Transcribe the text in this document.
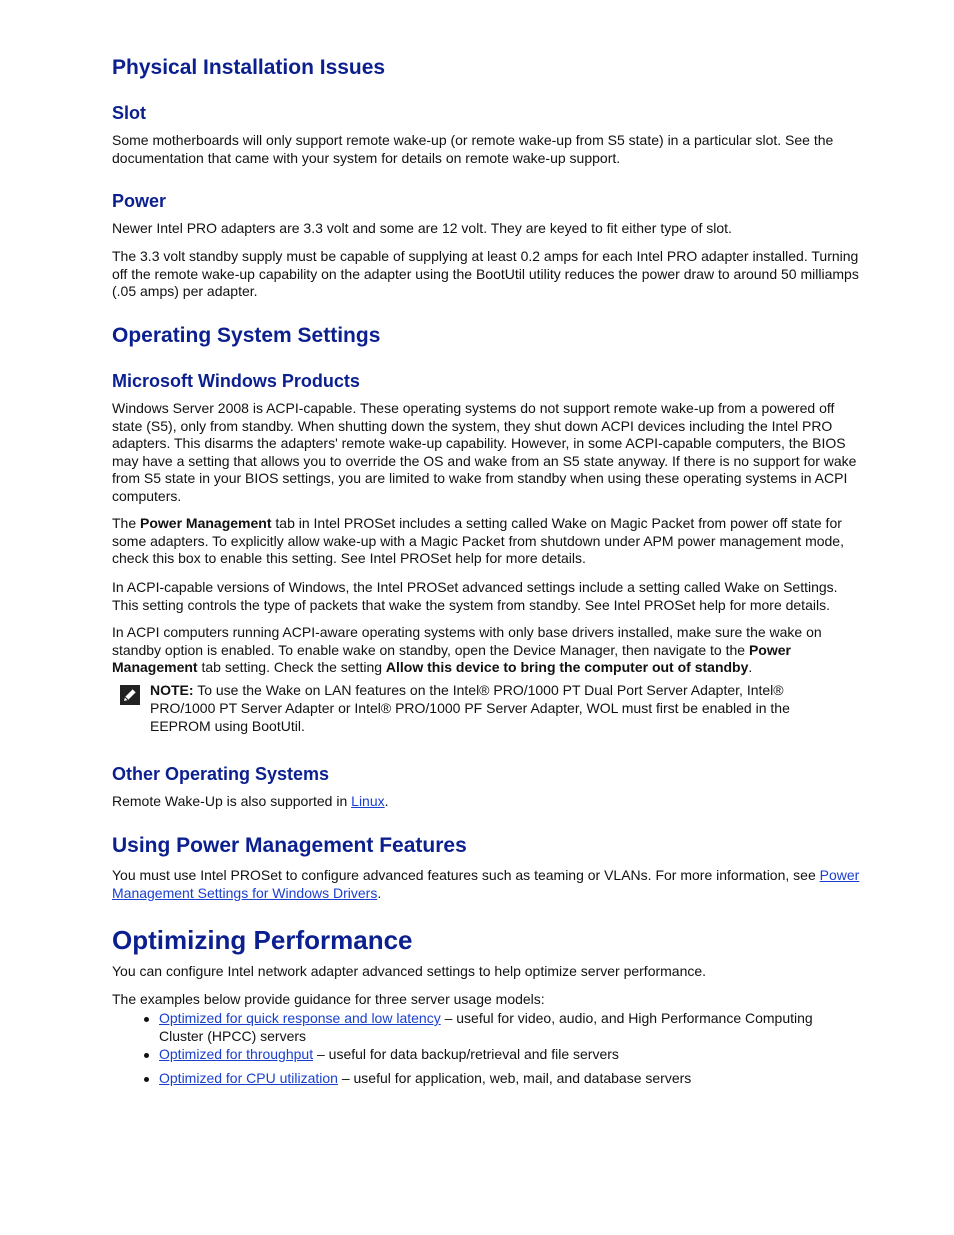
Physical Installation Issues
Slot

Some motherboards will only support remote wake-up (or remote wake-up from S5 state) in a particular slot. See the documentation that came with your system for details on remote wake-up support.

Power

Newer Intel PRO adapters are 3.3 volt and some are 12 volt. They are keyed to fit either type of slot.

The 3.3 volt standby supply must be capable of supplying at least 0.2 amps for each Intel PRO adapter installed. Turning off the remote wake-up capability on the adapter using the BootUtil utility reduces the power draw to around 50 milliamps (.05 amps) per adapter.

Operating System Settings
Microsoft Windows Products

Windows Server 2008 is ACPI-capable. These operating systems do not support remote wake-up from a powered off state (S5), only from standby. When shutting down the system, they shut down ACPI devices including the Intel PRO adapters. This disarms the adapters' remote wake-up capability. However, in some ACPI-capable computers, the BIOS may have a setting that allows you to override the OS and wake from an S5 state anyway. If there is no support for wake from S5 state in your BIOS settings, you are limited to wake from standby when using these operating systems in ACPI computers.

The Power Management tab in Intel PROSet includes a setting called Wake on Magic Packet from power off state for some adapters. To explicitly allow wake-up with a Magic Packet from shutdown under APM power management mode, check this box to enable this setting. See Intel PROSet help for more details.

In ACPI-capable versions of Windows, the Intel PROSet advanced settings include a setting called Wake on Settings. This setting controls the type of packets that wake the system from standby. See Intel PROSet help for more details.

In ACPI computers running ACPI-aware operating systems with only base drivers installed, make sure the wake on standby option is enabled. To enable wake on standby, open the Device Manager, then navigate to the Power Management tab setting. Check the setting Allow this device to bring the computer out of standby.

NOTE: To use the Wake on LAN features on the Intel® PRO/1000 PT Dual Port Server Adapter, Intel® PRO/1000 PT Server Adapter or Intel® PRO/1000 PF Server Adapter, WOL must first be enabled in the EEPROM using BootUtil.

Other Operating Systems

Remote Wake-Up is also supported in Linux.

Using Power Management Features

You must use Intel PROSet to configure advanced features such as teaming or VLANs. For more information, see Power Management Settings for Windows Drivers.

Optimizing Performance

You can configure Intel network adapter advanced settings to help optimize server performance.

The examples below provide guidance for three server usage models:

Optimized for quick response and low latency – useful for video, audio, and High Performance Computing Cluster (HPCC) servers
Optimized for throughput – useful for data backup/retrieval and file servers
Optimized for CPU utilization – useful for application, web, mail, and database servers
